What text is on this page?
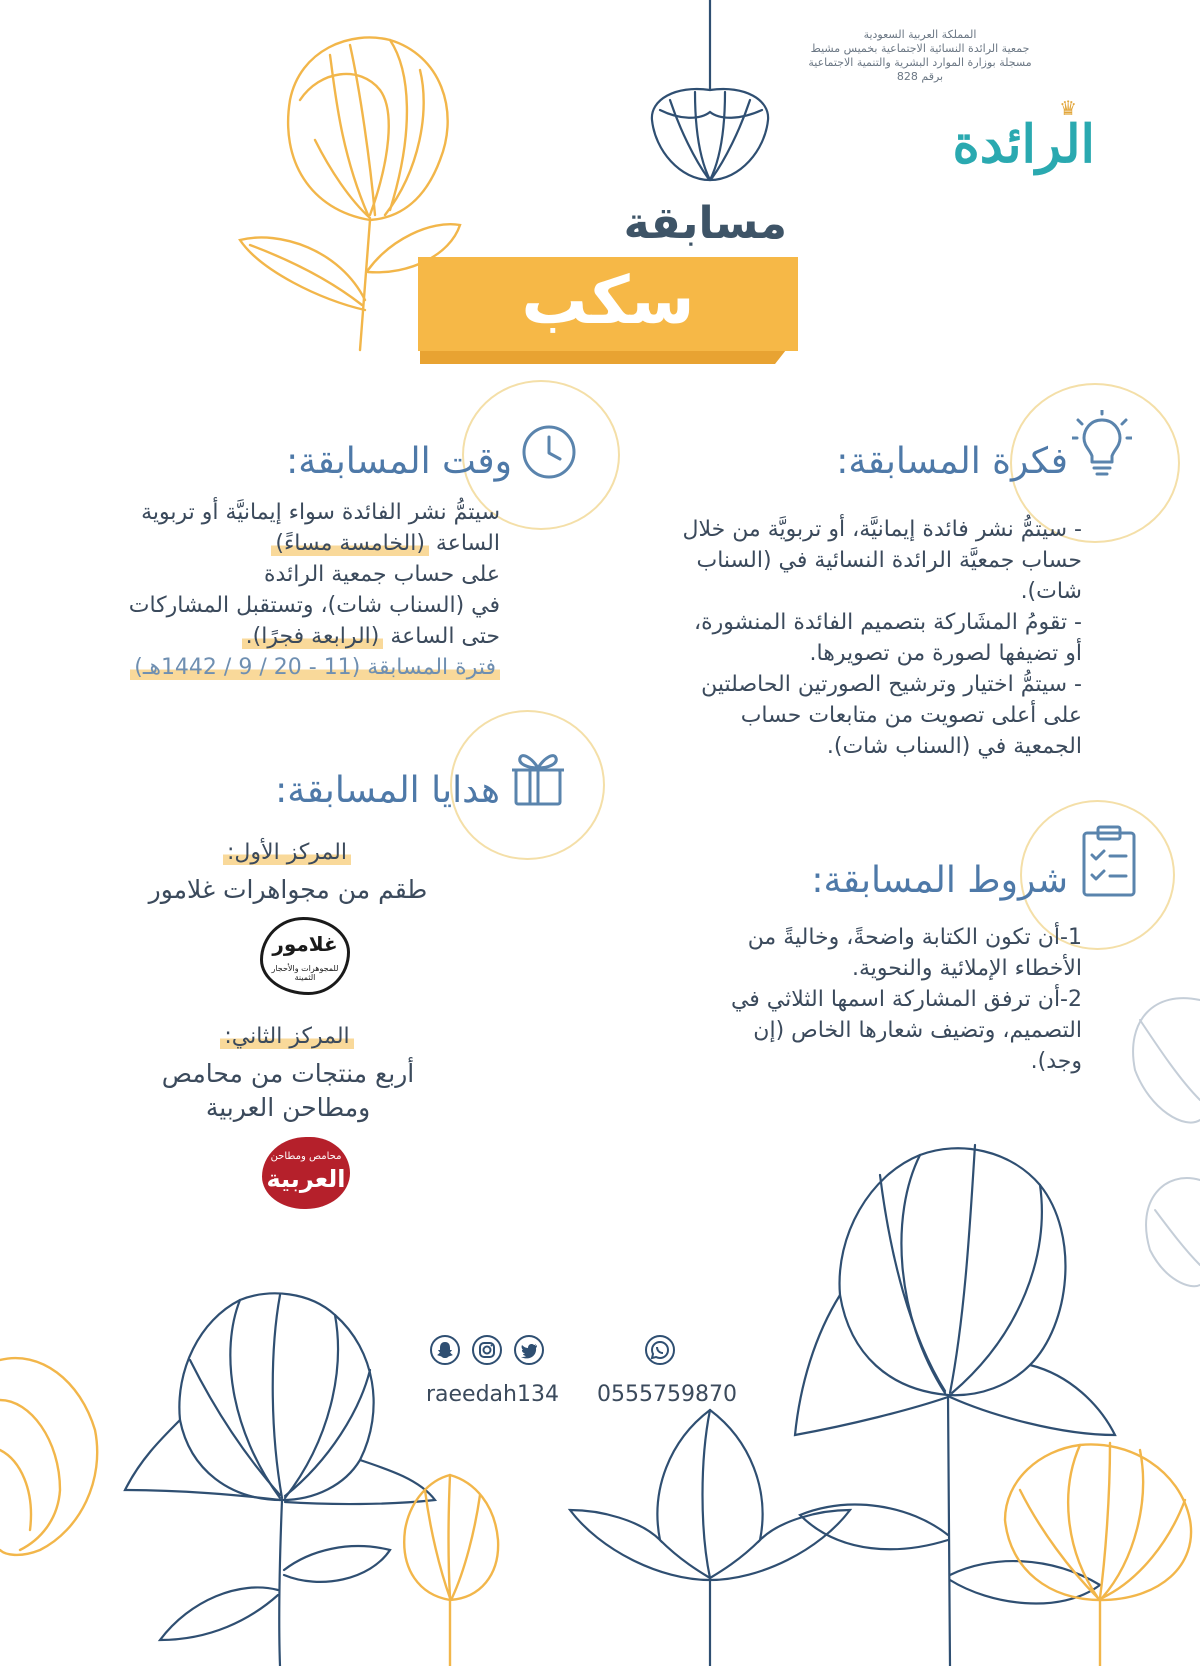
المملكة العربية السعودية
جمعية الرائدة النسائية الاجتماعية بخميس مشيط
مسجلة بوزارة الموارد البشرية والتنمية الاجتماعية
برقم 828
♛
الرائدة
مسابقة
سكب
فكرة المسابقة:
- سيتمُّ نشر فائدة إيمانيَّة، أو تربويَّة من خلال
حساب جمعيَّة الرائدة النسائية في (السناب
شات).
- تقومُ المشَاركة بتصميم الفائدة المنشورة،
أو تضيفها لصورة من تصويرها.
- سيتمُّ اختيار وترشيح الصورتين الحاصلتين
على أعلى تصويت من متابعات حساب
الجمعية في (السناب شات).
وقت المسابقة:
سيتمُّ نشر الفائدة سواء إيمانيَّة أو تربوية
الساعة (الخامسة مساءً)
على حساب جمعية الرائدة
في (السناب شات)، وتستقبل المشاركات
حتى الساعة (الرابعة فجرًا).
فترة المسابقة (11 - 20 / 9 / 1442هـ)
هدايا المسابقة:
المركز الأول:
طقم من مجواهرات غلامور
غلامور
للمجوهرات والأحجار الثمينة
المركز الثاني:
أربع منتجات من محامص
ومطاحن العربية
محامص ومطاحن
العربية
شروط المسابقة:
1-أن تكون الكتابة واضحةً، وخاليةً من
الأخطاء الإملائية والنحوية.
2-أن ترفق المشاركة اسمها الثلاثي في
التصميم، وتضيف شعارها الخاص (إن
وجد).
raeedah134 0555759870
